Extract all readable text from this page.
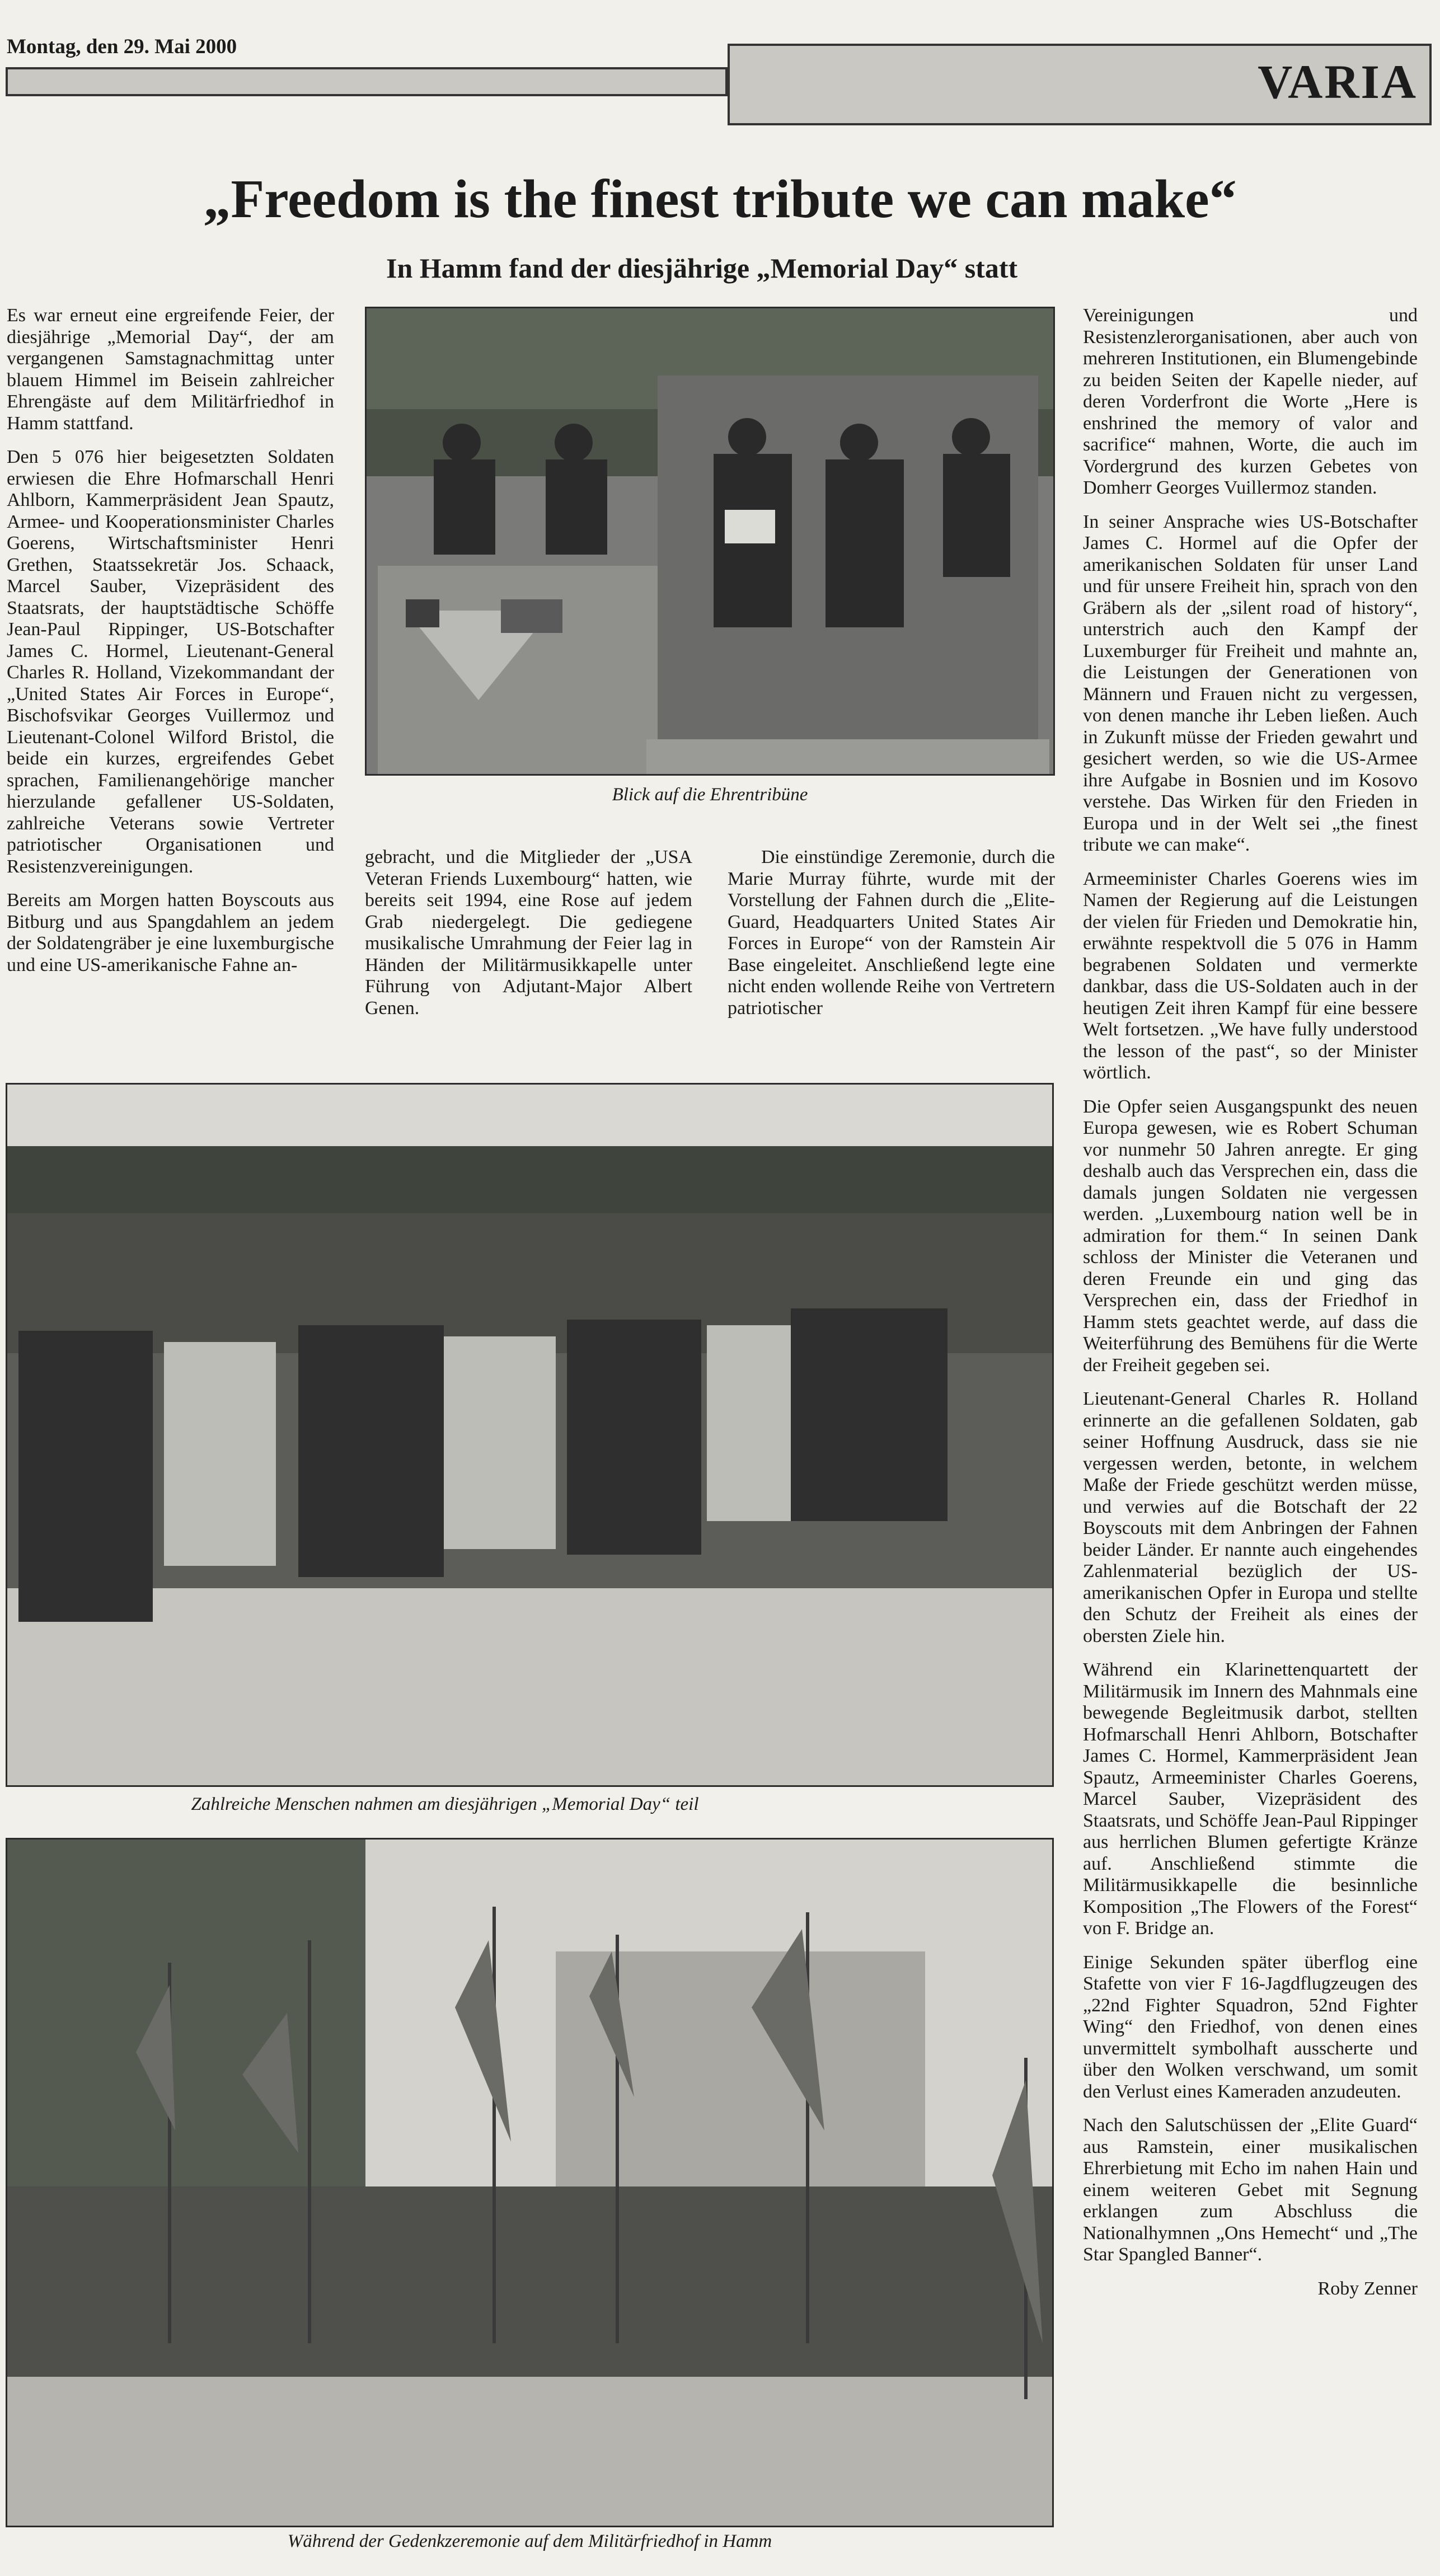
Montag, den 29. Mai 2000
VARIA
„Freedom is the finest tribute we can make“
In Hamm fand der diesjährige „Memorial Day“ statt

Es war erneut eine ergreifende Feier, der diesjährige „Memorial Day“, der am vergangenen Samstagnachmittag unter blauem Himmel im Beisein zahlreicher Ehrengäste auf dem Militärfriedhof in Hamm stattfand.

Den 5 076 hier beigesetzten Soldaten erwiesen die Ehre Hofmarschall Henri Ahlborn, Kammerpräsident Jean Spautz, Armee- und Kooperationsminister Charles Goerens, Wirtschaftsminister Henri Grethen, Staatssekretär Jos. Schaack, Marcel Sauber, Vizepräsident des Staatsrats, der hauptstädtische Schöffe Jean-Paul Rippinger, US-Botschafter James C. Hormel, Lieutenant-General Charles R. Holland, Vizekommandant der „United States Air Forces in Europe“, Bischofsvikar Georges Vuillermoz und Lieutenant-Colonel Wilford Bristol, die beide ein kurzes, ergreifendes Gebet sprachen, Familienangehörige mancher hierzulande gefallener US-Soldaten, zahlreiche Veterans sowie Vertreter patriotischer Organisationen und Resistenzvereinigungen.

Bereits am Morgen hatten Boyscouts aus Bitburg und aus Spangdahlem an jedem der Soldatengräber je eine luxemburgische und eine US-amerikanische Fahne an-

Blick auf die Ehrentribüne

gebracht, und die Mitglieder der „USA Veteran Friends Luxembourg“ hatten, wie bereits seit 1994, eine Rose auf jedem Grab niedergelegt. Die gediegene musikalische Umrahmung der Feier lag in Händen der Militärmusikkapelle unter Führung von Adjutant-Major Albert Genen.

Die einstündige Zeremonie, durch die Marie Murray führte, wurde mit der Vorstellung der Fahnen durch die „Elite-Guard, Headquarters United States Air Forces in Europe“ von der Ramstein Air Base eingeleitet. Anschließend legte eine nicht enden wollende Reihe von Vertretern patriotischer

Vereinigungen und Resistenzlerorganisationen, aber auch von mehreren Institutionen, ein Blumengebinde zu beiden Seiten der Kapelle nieder, auf deren Vorderfront die Worte „Here is enshrined the memory of valor and sacrifice“ mahnen, Worte, die auch im Vordergrund des kurzen Gebetes von Domherr Georges Vuillermoz standen.

In seiner Ansprache wies US-Botschafter James C. Hormel auf die Opfer der amerikanischen Soldaten für unser Land und für unsere Freiheit hin, sprach von den Gräbern als der „silent road of history“, unterstrich auch den Kampf der Luxemburger für Freiheit und mahnte an, die Leistungen der Generationen von Männern und Frauen nicht zu vergessen, von denen manche ihr Leben ließen. Auch in Zukunft müsse der Frieden gewahrt und gesichert werden, so wie die US-Armee ihre Aufgabe in Bosnien und im Kosovo verstehe. Das Wirken für den Frieden in Europa und in der Welt sei „the finest tribute we can make“.

Armeeminister Charles Goerens wies im Namen der Regierung auf die Leistungen der vielen für Frieden und Demokratie hin, erwähnte respektvoll die 5 076 in Hamm begrabenen Soldaten und vermerkte dankbar, dass die US-Soldaten auch in der heutigen Zeit ihren Kampf für eine bessere Welt fortsetzen. „We have fully understood the lesson of the past“, so der Minister wörtlich.

Die Opfer seien Ausgangspunkt des neuen Europa gewesen, wie es Robert Schuman vor nunmehr 50 Jahren anregte. Er ging deshalb auch das Versprechen ein, dass die damals jungen Soldaten nie vergessen werden. „Luxembourg nation well be in admiration for them.“ In seinen Dank schloss der Minister die Veteranen und deren Freunde ein und ging das Versprechen ein, dass der Friedhof in Hamm stets geachtet werde, auf dass die Weiterführung des Bemühens für die Werte der Freiheit gegeben sei.

Lieutenant-General Charles R. Holland erinnerte an die gefallenen Soldaten, gab seiner Hoffnung Ausdruck, dass sie nie vergessen werden, betonte, in welchem Maße der Friede geschützt werden müsse, und verwies auf die Botschaft der 22 Boyscouts mit dem Anbringen der Fahnen beider Länder. Er nannte auch eingehendes Zahlenmaterial bezüglich der US-amerikanischen Opfer in Europa und stellte den Schutz der Freiheit als eines der obersten Ziele hin.

Während ein Klarinettenquartett der Militärmusik im Innern des Mahnmals eine bewegende Begleitmusik darbot, stellten Hofmarschall Henri Ahlborn, Botschafter James C. Hormel, Kammerpräsident Jean Spautz, Armeeminister Charles Goerens, Marcel Sauber, Vizepräsident des Staatsrats, und Schöffe Jean-Paul Rippinger aus herrlichen Blumen gefertigte Kränze auf. Anschließend stimmte die Militärmusikkapelle die besinnliche Komposition „The Flowers of the Forest“ von F. Bridge an.

Einige Sekunden später überflog eine Stafette von vier F 16-Jagdflugzeugen des „22nd Fighter Squadron, 52nd Fighter Wing“ den Friedhof, von denen eines unvermittelt symbolhaft ausscherte und über den Wolken verschwand, um somit den Verlust eines Kameraden anzudeuten.

Nach den Salutschüssen der „Elite Guard“ aus Ramstein, einer musikalischen Ehrerbietung mit Echo im nahen Hain und einem weiteren Gebet mit Segnung erklangen zum Abschluss die Nationalhymnen „Ons Hemecht“ und „The Star Spangled Banner“.

Roby Zenner
Zahlreiche Menschen nahmen am diesjährigen „Memorial Day“ teil
Während der Gedenkzeremonie auf dem Militärfriedhof in Hamm
